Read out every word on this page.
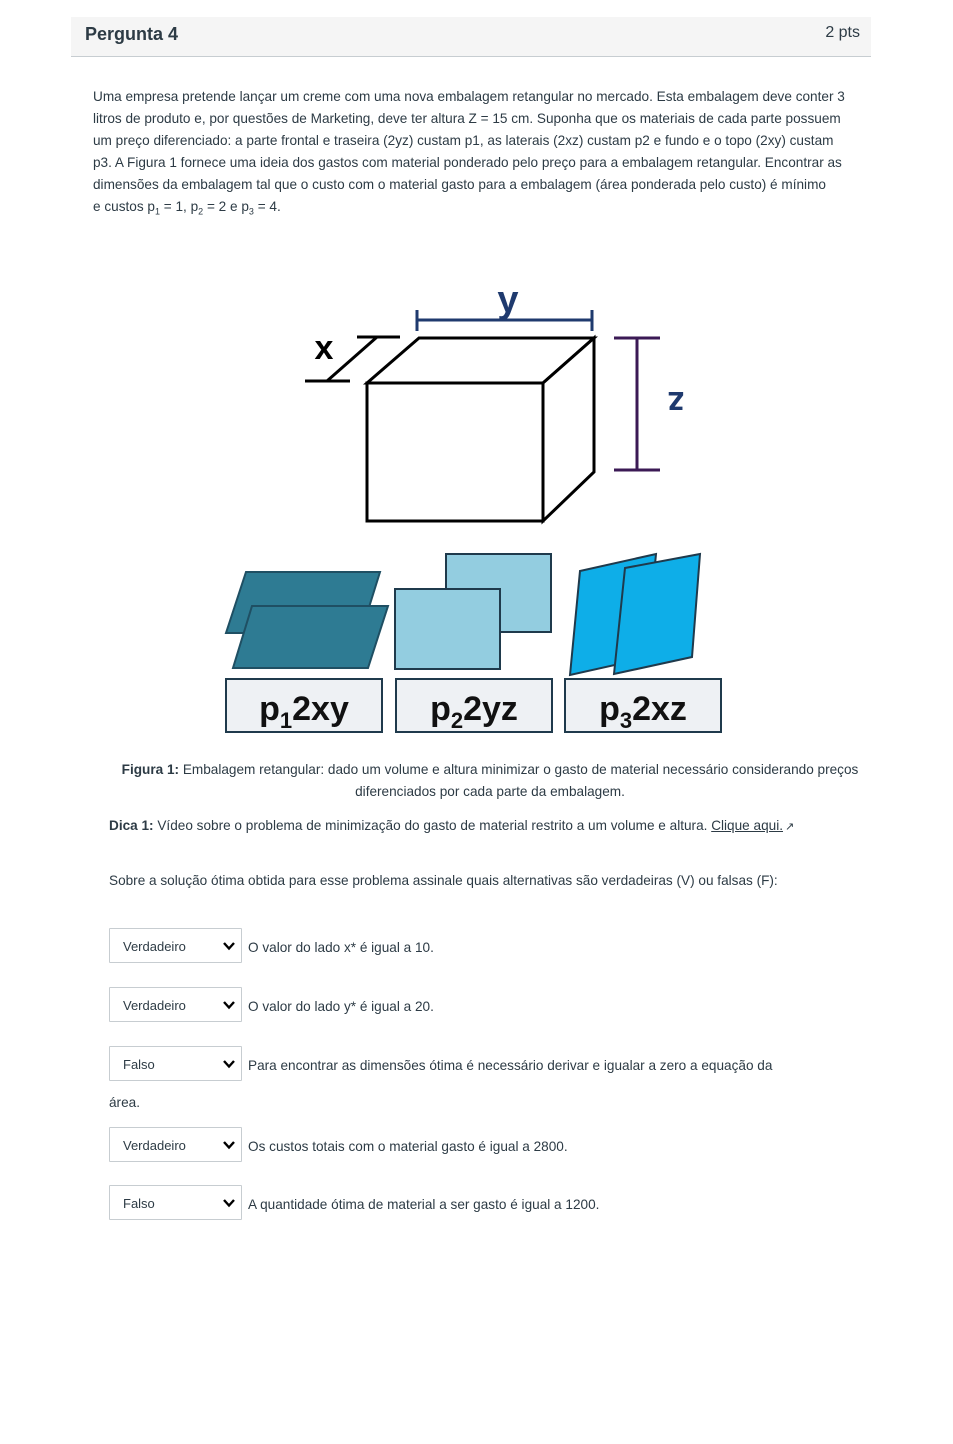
Pergunta 4	2 pts
Uma empresa pretende lançar um creme com uma nova embalagem retangular no mercado. Esta embalagem deve conter 3 litros de produto e, por questões de Marketing, deve ter altura Z = 15 cm. Suponha que os materiais de cada parte possuem um preço diferenciado: a parte frontal e traseira (2yz) custam p1, as laterais (2xz) custam p2 e fundo e o topo (2xy) custam p3. A Figura 1 fornece uma ideia dos gastos com material ponderado pelo preço para a embalagem retangular. Encontrar as dimensões da embalagem tal que o custo com o material gasto para a embalagem (área ponderada pelo custo) é mínimo
e custos $p_1 = 1$, $p_2 = 2$ e $p_3 = 4$.
y
x
z
$p_12xy$ $p_22yz$ $p_32xz$
Figura 1: Embalagem retangular: dado um volume e altura minimizar o gasto de material necessário considerando preços diferenciados por cada parte da embalagem.
Dica 1: Vídeo sobre o problema de minimização do gasto de material restrito a um volume e altura. Clique aqui. ↗
Sobre a solução ótima obtida para esse problema assinale quais alternativas são verdadeiras (V) ou falsas (F):
Verdadeiro	O valor do lado x* é igual a 10.
Verdadeiro	O valor do lado y* é igual a 20.
Falso	Para encontrar as dimensões ótima é necessário derivar e igualar a zero a equação da
área.
Verdadeiro	Os custos totais com o material gasto é igual a 2800.
Falso	A quantidade ótima de material a ser gasto é igual a 1200.
